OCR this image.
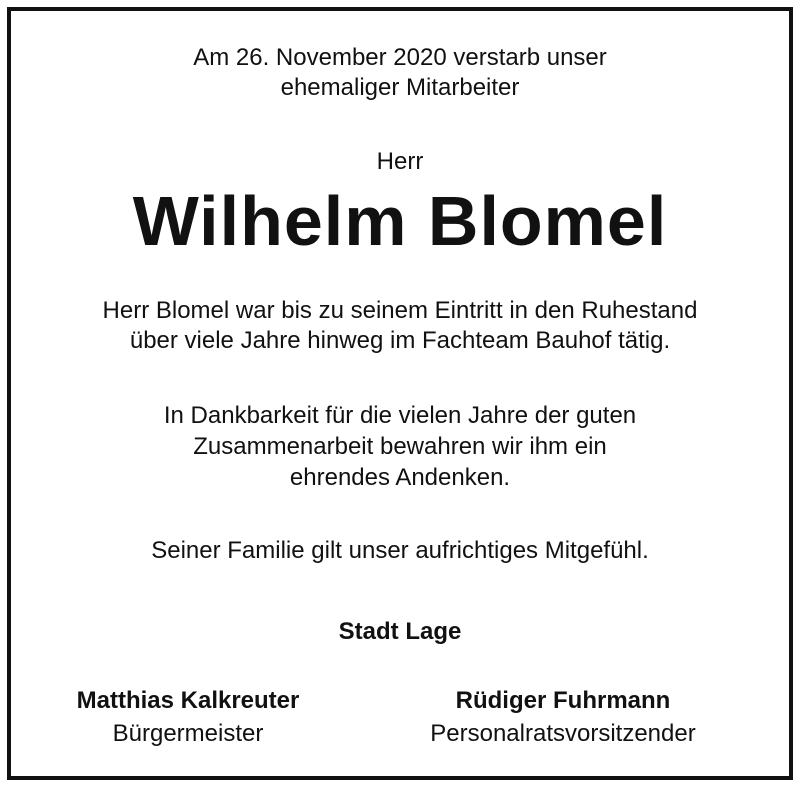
Am 26. November 2020 verstarb unser
ehemaliger Mitarbeiter
Herr
Wilhelm Blomel
Herr Blomel war bis zu seinem Eintritt in den Ruhestand
über viele Jahre hinweg im Fachteam Bauhof tätig.
In Dankbarkeit für die vielen Jahre der guten
Zusammenarbeit bewahren wir ihm ein
ehrendes Andenken.
Seiner Familie gilt unser aufrichtiges Mitgefühl.
Stadt Lage
Matthias Kalkreuter
Bürgermeister
Rüdiger Fuhrmann
Personalratsvorsitzender
